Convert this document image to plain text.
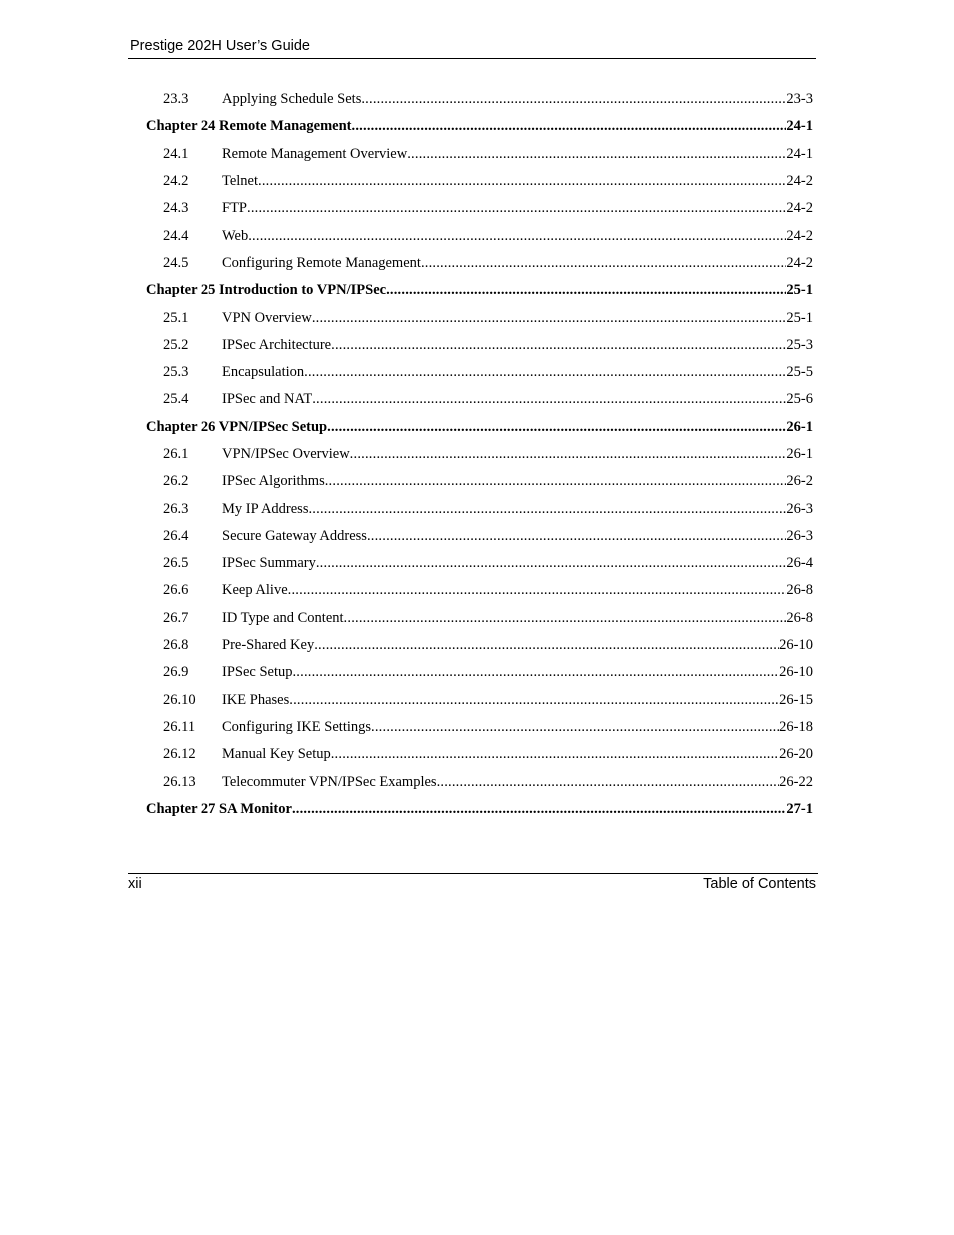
Prestige 202H User’s Guide
23.3	Applying Schedule Sets .....	23-3
Chapter 24 Remote Management .....	24-1
24.1	Remote Management Overview .....	24-1
24.2	Telnet .....	24-2
24.3	FTP .....	24-2
24.4	Web .....	24-2
24.5	Configuring Remote Management .....	24-2
Chapter 25 Introduction to VPN/IPSec .....	25-1
25.1	VPN Overview .....	25-1
25.2	IPSec Architecture .....	25-3
25.3	Encapsulation .....	25-5
25.4	IPSec and NAT .....	25-6
Chapter 26 VPN/IPSec Setup .....	26-1
26.1	VPN/IPSec Overview .....	26-1
26.2	IPSec Algorithms .....	26-2
26.3	My IP Address .....	26-3
26.4	Secure Gateway Address .....	26-3
26.5	IPSec Summary .....	26-4
26.6	Keep Alive .....	26-8
26.7	ID Type and Content .....	26-8
26.8	Pre-Shared Key .....	26-10
26.9	IPSec Setup .....	26-10
26.10	IKE Phases .....	26-15
26.11	Configuring IKE Settings .....	26-18
26.12	Manual Key Setup .....	26-20
26.13	Telecommuter VPN/IPSec Examples .....	26-22
Chapter 27 SA Monitor .....	27-1
xii	Table of Contents
